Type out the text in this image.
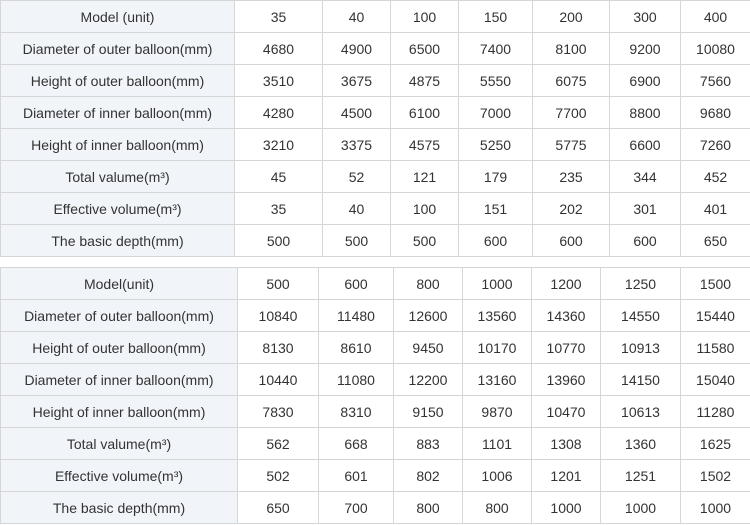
Model (unit)	35	40	100	150	200	300	400
Diameter of outer balloon(mm)	4680	4900	6500	7400	8100	9200	10080
Height of outer balloon(mm)	3510	3675	4875	5550	6075	6900	7560
Diameter of inner balloon(mm)	4280	4500	6100	7000	7700	8800	9680
Height of inner balloon(mm)	3210	3375	4575	5250	5775	6600	7260
Total valume(m³)	45	52	121	179	235	344	452
Effective volume(m³)	35	40	100	151	202	301	401
The basic depth(mm)	500	500	500	600	600	600	650
Model(unit)	500	600	800	1000	1200	1250	1500
Diameter of outer balloon(mm)	10840	11480	12600	13560	14360	14550	15440
Height of outer balloon(mm)	8130	8610	9450	10170	10770	10913	11580
Diameter of inner balloon(mm)	10440	11080	12200	13160	13960	14150	15040
Height of inner balloon(mm)	7830	8310	9150	9870	10470	10613	11280
Total valume(m³)	562	668	883	1101	1308	1360	1625
Effective volume(m³)	502	601	802	1006	1201	1251	1502
The basic depth(mm)	650	700	800	800	1000	1000	1000
